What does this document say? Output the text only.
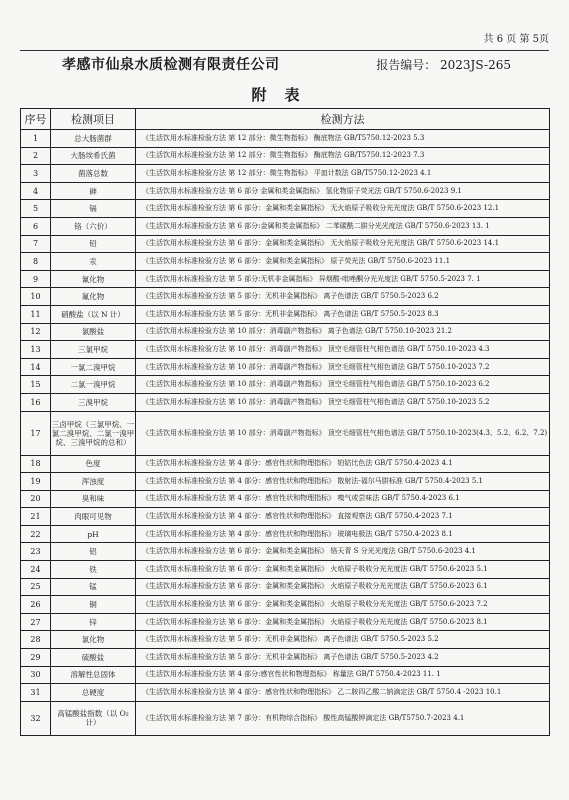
共 6 页 第 5页
孝感市仙泉水质检测有限责任公司	报告编号： 2023JS-265
附表
序号	检测项目	检测方法
1	总大肠菌群	《生活饮用水标准检验方法 第 12 部分：微生物指标》 酶底物法 GB/T5750.12-2023 5.3
2	大肠埃希氏菌	《生活饮用水标准检验方法 第 12 部分：微生物指标》 酶底物法 GB/T5750.12-2023 7.3
3	菌落总数	《生活饮用水标准检验方法 第 12 部分：微生物指标》 平皿计数法 GB/T5750.12-2023 4.1
4	砷	《生活饮用水标准检验方法 第 6 部分 金属和类金属指标》 氢化物原子荧光法 GB/T 5750.6-2023 9.1
5	镉	《生活饮用水标准检验方法 第 6 部分：金属和类金属指标》 无火焰原子吸收分光光度法 GB/T 5750.6-2023 12.1
6	铬（六价）	《生活饮用水标准检验方法 第 6 部分:金属和类金属指标》 二苯碳酰二肼分光光度法 GB/T 5750.6-2023 13. 1
7	铅	《生活饮用水标准检验方法 第 6 部分：金属和类金属指标》 无火焰原子吸收分光光度法 GB/T 5750.6-2023 14.1
8	汞	《生活饮用水标准检验方法 第 6 部分：金属和类金属指标》 原子荧光法 GB/T 5750.6-2023 11.1
9	氰化物	《生活饮用水标准检验方法 第 5 部分:无机非金属指标》 异烟酸-吡唑酮分光光度法 GB/T 5750.5-2023 7. 1
10	氟化物	《生活饮用水标准检验方法 第 5 部分：无机非金属指标》 离子色谱法 GB/T 5750.5-2023 6.2
11	硝酸盐（以 N 计）	《生活饮用水标准检验方法 第 5 部分：无机非金属指标》 离子色谱法 GB/T 5750.5-2023 8.3
12	氯酸盐	《生活饮用水标准检验方法 第 10 部分：消毒副产物指标》 离子色谱法 GB/T 5750.10-2023 21.2
13	三氯甲烷	《生活饮用水标准检验方法 第 10 部分：消毒副产物指标》 顶空毛细管柱气相色谱法 GB/T 5750.10-2023 4.3
14	一氯二溴甲烷	《生活饮用水标准检验方法 第 10 部分：消毒副产物指标》 顶空毛细管柱气相色谱法 GB/T 5750.10-2023 7.2
15	二氯一溴甲烷	《生活饮用水标准检验方法 第 10 部分：消毒副产物指标》 顶空毛细管柱气相色谱法 GB/T 5750.10-2023 6.2
16	三溴甲烷	《生活饮用水标准检验方法 第 10 部分：消毒副产物指标》 顶空毛细管柱气相色谱法 GB/T 5750.10-2023 5.2
17	三卤甲烷（三氯甲烷、一氯二溴甲烷、二氯一溴甲烷、三溴甲烷的总和）	《生活饮用水标准检验方法 第 10 部分：消毒副产物指标》 顶空毛细管柱气相色谱法 GB/T 5750.10-2023(4.3、5.2、6.2、7.2)
18	色度	《生活饮用水标准检验方法 第 4 部分：感官性状和物理指标》 铂钴比色法 GB/T 5750.4-2023 4.1
19	浑浊度	《生活饮用水标准检验方法 第 4 部分：感官性状和物理指标》 散射法-福尔马肼标准 GB/T 5750.4-2023 5.1
20	臭和味	《生活饮用水标准检验方法 第 4 部分：感官性状和物理指标》 嗅气或尝味法 GB/T 5750.4-2023 6.1
21	肉眼可见物	《生活饮用水标准检验方法 第 4 部分：感官性状和物理指标》 直接观察法 GB/T 5750.4-2023 7.1
22	pH	《生活饮用水标准检验方法 第 4 部分：感官性状和物理指标》 玻璃电极法 GB/T 5750.4-2023 8.1
23	铝	《生活饮用水标准检验方法 第 6 部分：金属和类金属指标》 铬天青 S 分光光度法 GB/T 5750.6-2023 4.1
24	铁	《生活饮用水标准检验方法 第 6 部分：金属和类金属指标》 火焰原子吸收分光光度法 GB/T 5750.6-2023 5.1
25	锰	《生活饮用水标准检验方法 第 6 部分：金属和类金属指标》 火焰原子吸收分光光度法 GB/T 5750.6-2023 6.1
26	铜	《生活饮用水标准检验方法 第 6 部分：金属和类金属指标》 火焰原子吸收分光光度法 GB/T 5750.6-2023 7.2
27	锌	《生活饮用水标准检验方法 第 6 部分：金属和类金属指标》 火焰原子吸收分光光度法 GB/T 5750.6-2023 8.1
28	氯化物	《生活饮用水标准检验方法 第 5 部分：无机非金属指标》 离子色谱法 GB/T 5750.5-2023 5.2
29	硫酸盐	《生活饮用水标准检验方法 第 5 部分：无机非金属指标》 离子色谱法 GB/T 5750.5-2023 4.2
30	溶解性总固体	《生活饮用水标准检验方法 第 4 部分:感官性状和物理指标》 称量法 GB/T 5750.4-2023 11. 1
31	总硬度	《生活饮用水标准检验方法 第 4 部分：感官性状和物理指标》 乙二胺四乙酸二钠滴定法 GB/T 5750.4 -2023 10.1
32	高锰酸盐指数（以 O₂ 计）	《生活饮用水标准检验方法 第 7 部分：有机物综合指标》 酸性高锰酸钾滴定法 GB/T5750.7-2023 4.1
